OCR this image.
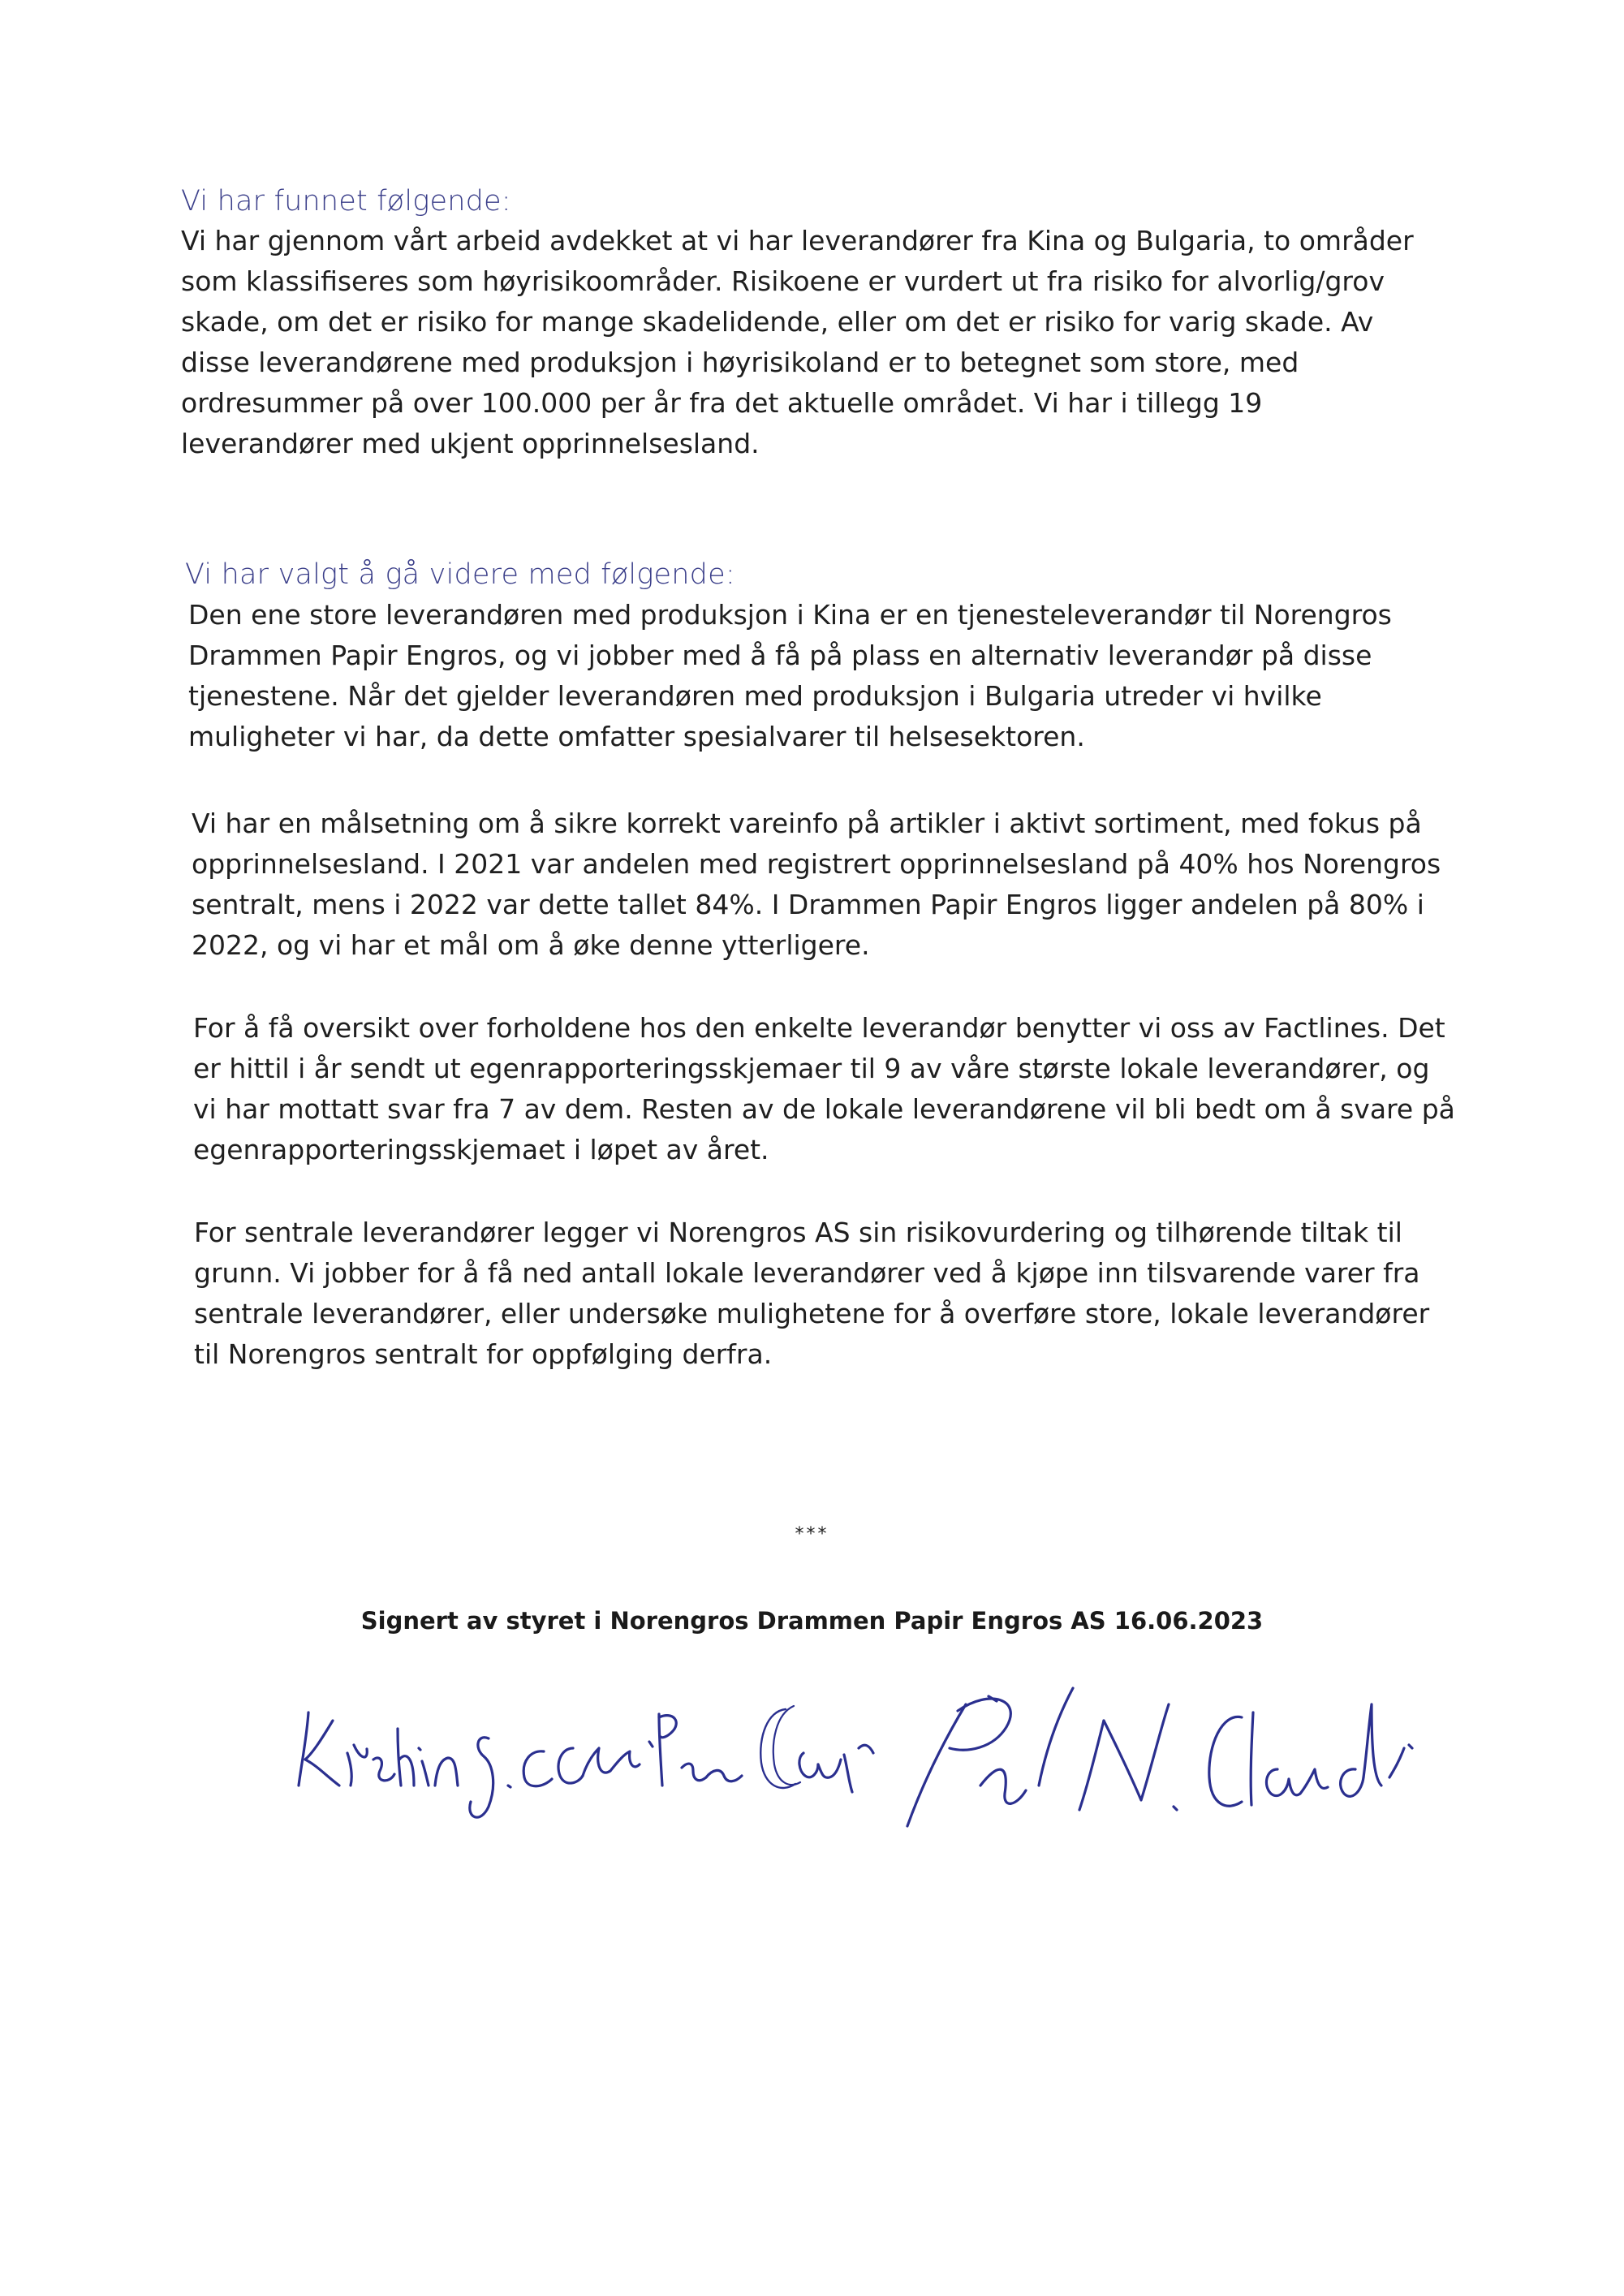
Vi har funnet følgende:
Vi har gjennom vårt arbeid avdekket at vi har leverandører fra Kina og Bulgaria, to områder
som klassifiseres som høyrisikoområder. Risikoene er vurdert ut fra risiko for alvorlig/grov
skade, om det er risiko for mange skadelidende, eller om det er risiko for varig skade. Av
disse leverandørene med produksjon i høyrisikoland er to betegnet som store, med
ordresummer på over 100.000 per år fra det aktuelle området. Vi har i tillegg 19
leverandører med ukjent opprinnelsesland.
Vi har valgt å gå videre med følgende:
Den ene store leverandøren med produksjon i Kina er en tjenesteleverandør til Norengros
Drammen Papir Engros, og vi jobber med å få på plass en alternativ leverandør på disse
tjenestene. Når det gjelder leverandøren med produksjon i Bulgaria utreder vi hvilke
muligheter vi har, da dette omfatter spesialvarer til helsesektoren.
Vi har en målsetning om å sikre korrekt vareinfo på artikler i aktivt sortiment, med fokus på
opprinnelsesland. I 2021 var andelen med registrert opprinnelsesland på 40% hos Norengros
sentralt, mens i 2022 var dette tallet 84%. I Drammen Papir Engros ligger andelen på 80% i
2022, og vi har et mål om å øke denne ytterligere.
For å få oversikt over forholdene hos den enkelte leverandør benytter vi oss av Factlines. Det
er hittil i år sendt ut egenrapporteringsskjemaer til 9 av våre største lokale leverandører, og
vi har mottatt svar fra 7 av dem. Resten av de lokale leverandørene vil bli bedt om å svare på
egenrapporteringsskjemaet i løpet av året.
For sentrale leverandører legger vi Norengros AS sin risikovurdering og tilhørende tiltak til
grunn. Vi jobber for å få ned antall lokale leverandører ved å kjøpe inn tilsvarende varer fra
sentrale leverandører, eller undersøke mulighetene for å overføre store, lokale leverandører
til Norengros sentralt for oppfølging derfra.
***
Signert av styret i Norengros Drammen Papir Engros AS 16.06.2023
